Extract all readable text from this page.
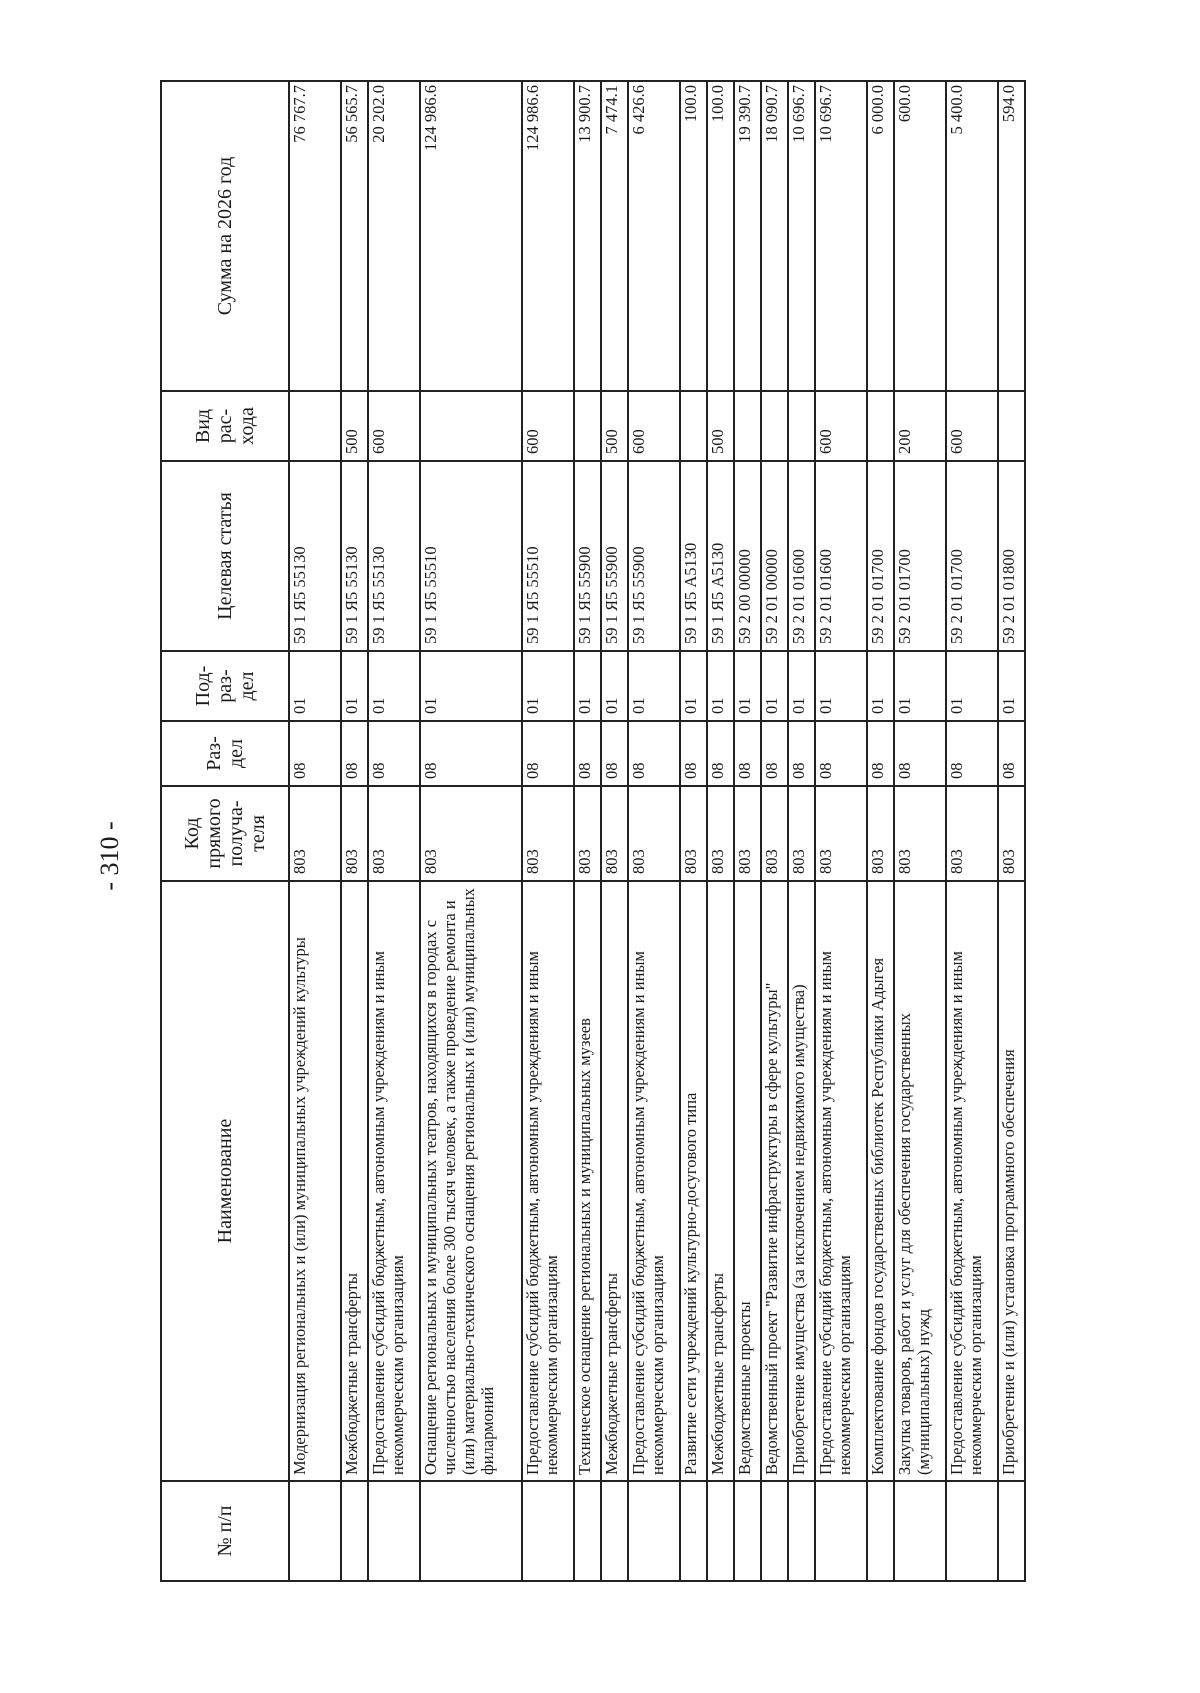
- 310 -
№ п/п	Наименование	Код прямого получа-теля	Раз-дел	Под-раз-дел	Целевая статья	Вид рас-хода	Сумма на 2026 год
	Модернизация региональных и (или) муниципальных учреждений культуры	803	08	01	59 1 Я5 55130		76 767.7
	Межбюджетные трансферты	803	08	01	59 1 Я5 55130	500	56 565.7
	Предоставление субсидий бюджетным, автономным учреждениям и иным некоммерческим организациям	803	08	01	59 1 Я5 55130	600	20 202.0
	Оснащение региональных и муниципальных театров, находящихся в городах с численностью населения более 300 тысяч человек, а также проведение ремонта и (или) материально-технического оснащения региональных и (или) муниципальных филармоний	803	08	01	59 1 Я5 55510		124 986.6
	Предоставление субсидий бюджетным, автономным учреждениям и иным некоммерческим организациям	803	08	01	59 1 Я5 55510	600	124 986.6
	Техническое оснащение региональных и муниципальных музеев	803	08	01	59 1 Я5 55900		13 900.7
	Межбюджетные трансферты	803	08	01	59 1 Я5 55900	500	7 474.1
	Предоставление субсидий бюджетным, автономным учреждениям и иным некоммерческим организациям	803	08	01	59 1 Я5 55900	600	6 426.6
	Развитие сети учреждений культурно-досугового типа	803	08	01	59 1 Я5 А5130		100.0
	Межбюджетные трансферты	803	08	01	59 1 Я5 А5130	500	100.0
	Ведомственные проекты	803	08	01	59 2 00 00000		19 390.7
	Ведомственный проект "Развитие инфраструктуры в сфере культуры"	803	08	01	59 2 01 00000		18 090.7
	Приобретение имущества (за исключением недвижимого имущества)	803	08	01	59 2 01 01600		10 696.7
	Предоставление субсидий бюджетным, автономным учреждениям и иным некоммерческим организациям	803	08	01	59 2 01 01600	600	10 696.7
	Комплектование фондов государственных библиотек Республики Адыгея	803	08	01	59 2 01 01700		6 000.0
	Закупка товаров, работ и услуг для обеспечения государственных (муниципальных) нужд	803	08	01	59 2 01 01700	200	600.0
	Предоставление субсидий бюджетным, автономным учреждениям и иным некоммерческим организациям	803	08	01	59 2 01 01700	600	5 400.0
	Приобретение и (или) установка программного обеспечения	803	08	01	59 2 01 01800		594.0
